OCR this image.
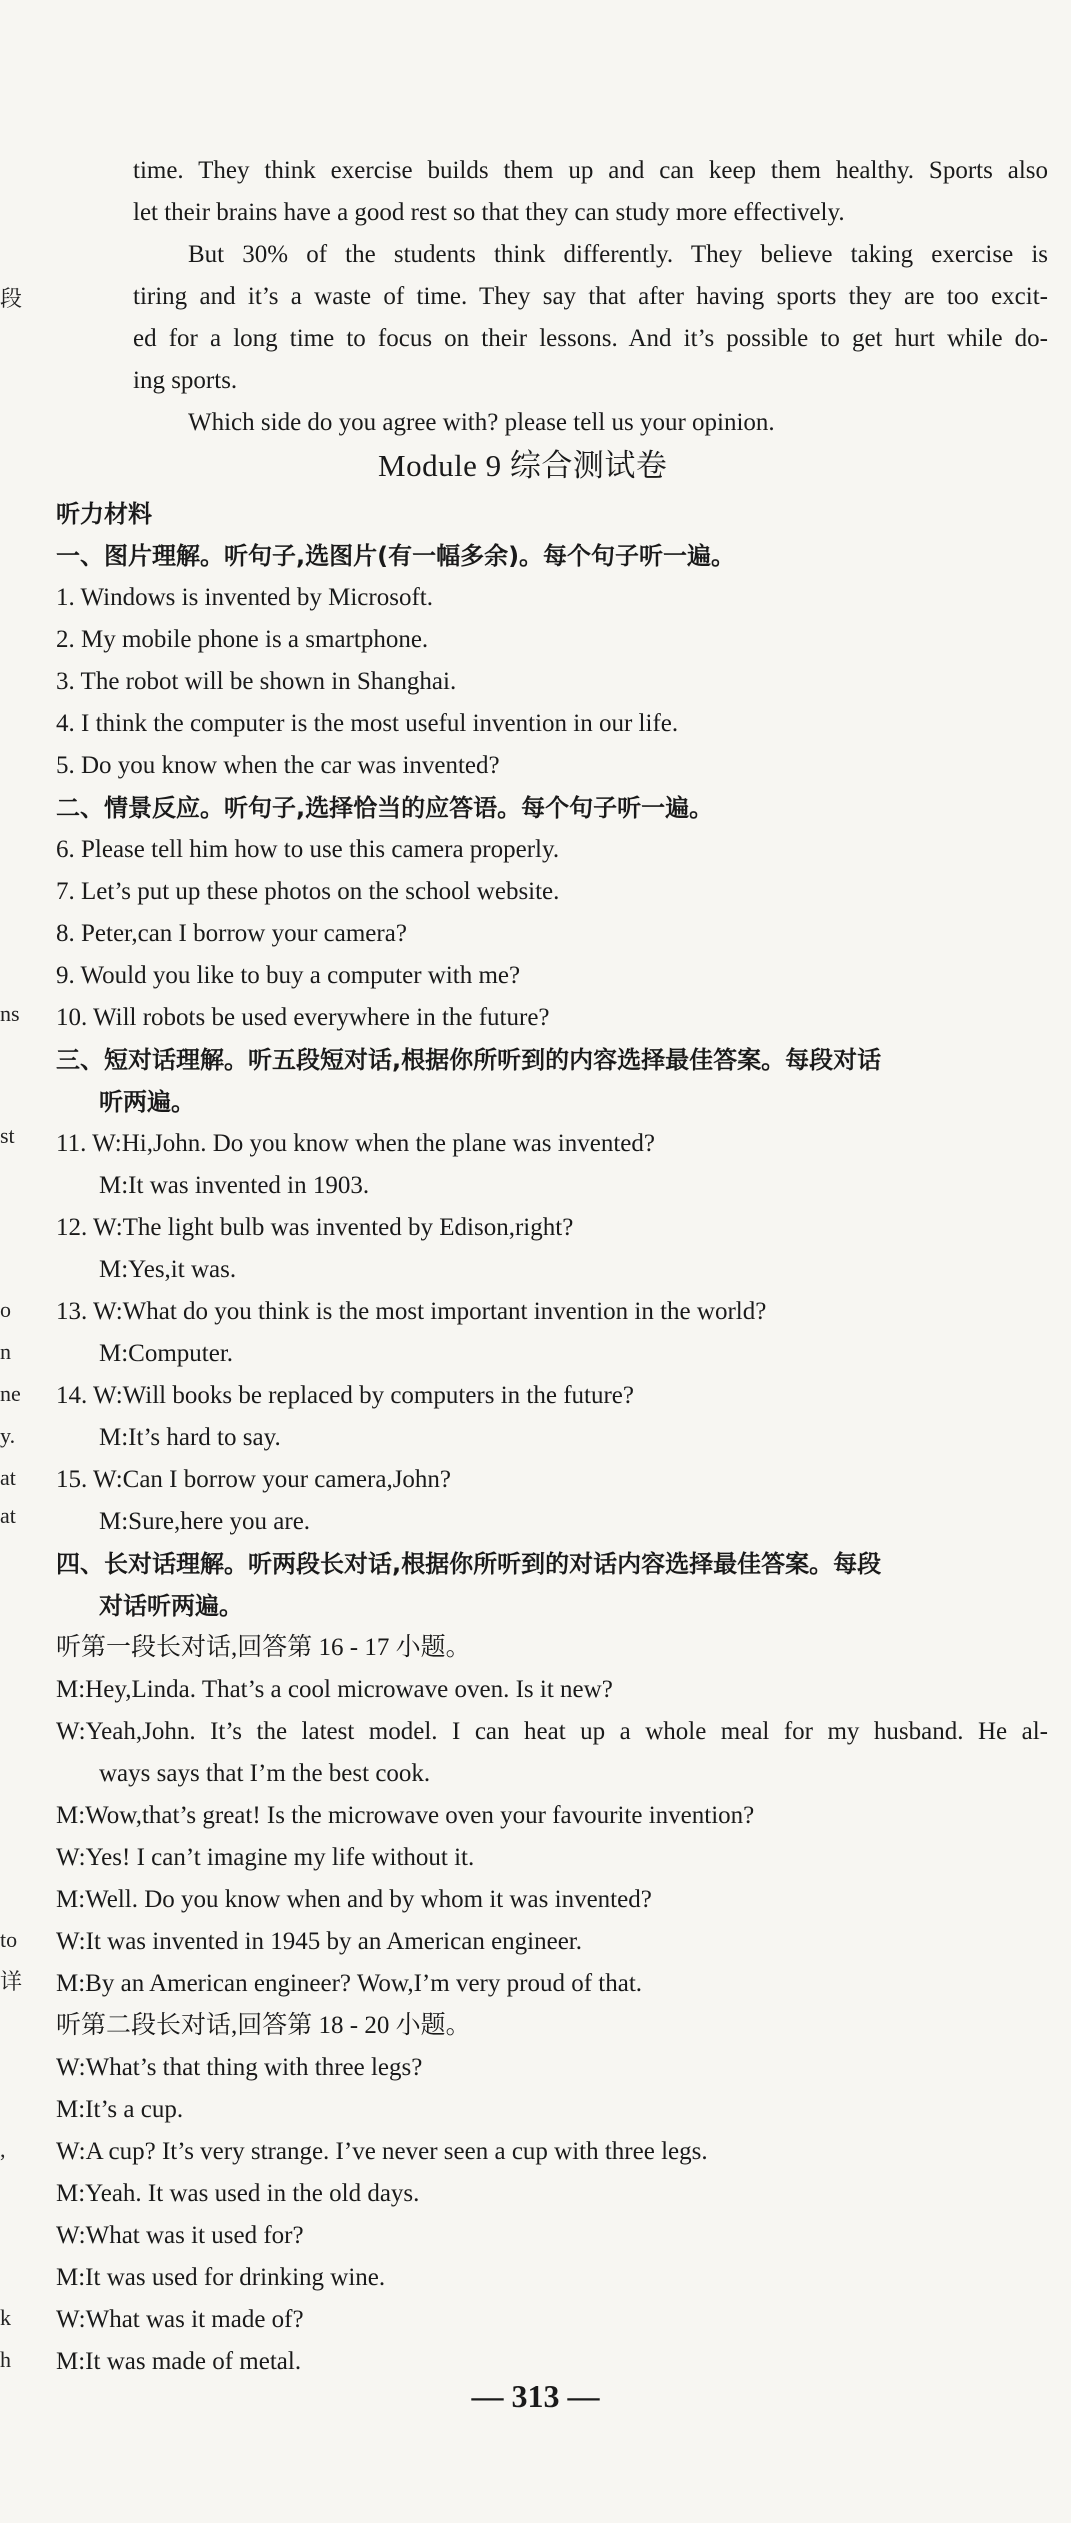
time. They think exercise builds them up and can keep them healthy. Sports also
let their brains have a good rest so that they can study more effectively.
But 30% of the students think differently. They believe taking exercise is
tiring and it’s a waste of time. They say that after having sports they are too excit-
ed for a long time to focus on their lessons. And it’s possible to get hurt while do-
ing sports.
Which side do you agree with? please tell us your opinion.
Module 9 综合测试卷
听力材料
一、图片理解。听句子,选图片(有一幅多余)。每个句子听一遍。
1. Windows is invented by Microsoft.
2. My mobile phone is a smartphone.
3. The robot will be shown in Shanghai.
4. I think the computer is the most useful invention in our life.
5. Do you know when the car was invented?
二、情景反应。听句子,选择恰当的应答语。每个句子听一遍。
6. Please tell him how to use this camera properly.
7. Let’s put up these photos on the school website.
8. Peter,can I borrow your camera?
9. Would you like to buy a computer with me?
10. Will robots be used everywhere in the future?
三、短对话理解。听五段短对话,根据你所听到的内容选择最佳答案。每段对话
听两遍。
11. W:Hi,John. Do you know when the plane was invented?
M:It was invented in 1903.
12. W:The light bulb was invented by Edison,right?
M:Yes,it was.
13. W:What do you think is the most important invention in the world?
M:Computer.
14. W:Will books be replaced by computers in the future?
M:It’s hard to say.
15. W:Can I borrow your camera,John?
M:Sure,here you are.
四、长对话理解。听两段长对话,根据你所听到的对话内容选择最佳答案。每段
对话听两遍。
听第一段长对话,回答第 16 - 17 小题。
M:Hey,Linda. That’s a cool microwave oven. Is it new?
W:Yeah,John. It’s the latest model. I can heat up a whole meal for my husband. He al-
ways says that I’m the best cook.
M:Wow,that’s great! Is the microwave oven your favourite invention?
W:Yes! I can’t imagine my life without it.
M:Well. Do you know when and by whom it was invented?
W:It was invented in 1945 by an American engineer.
M:By an American engineer? Wow,I’m very proud of that.
听第二段长对话,回答第 18 - 20 小题。
W:What’s that thing with three legs?
M:It’s a cup.
W:A cup? It’s very strange. I’ve never seen a cup with three legs.
M:Yeah. It was used in the old days.
W:What was it used for?
M:It was used for drinking wine.
W:What was it made of?
M:It was made of metal.
— 313 —
段
ns
st
o
n
ne
y.
at
at
to
详
,
k
h
